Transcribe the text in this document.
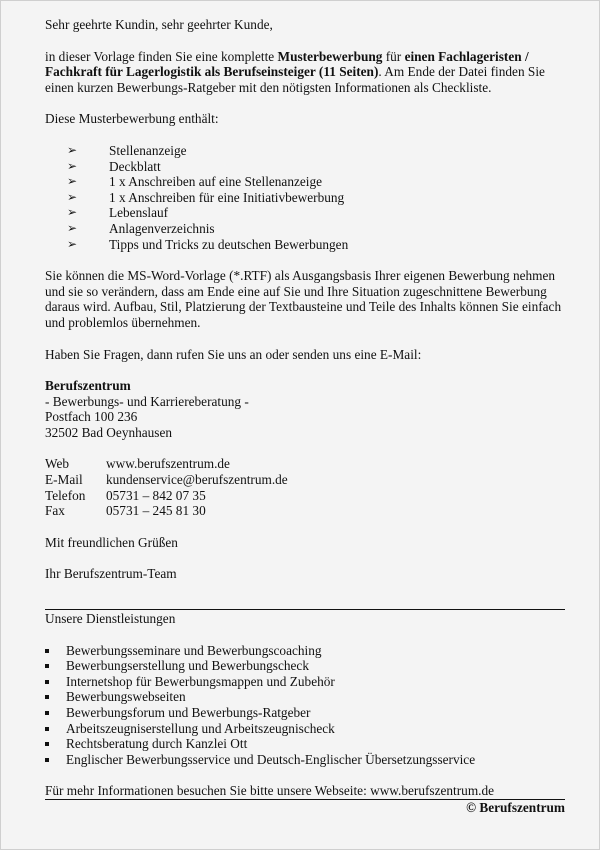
Sehr geehrte Kundin, sehr geehrter Kunde,

in dieser Vorlage finden Sie eine komplette Musterbewerbung für einen Fachlageristen / Fachkraft für Lagerlogistik als Berufseinsteiger (11 Seiten). Am Ende der Datei finden Sie einen kurzen Bewerbungs-Ratgeber mit den nötigsten Informationen als Checkliste.

Diese Musterbewerbung enthält:

➢ Stellenanzeige
➢ Deckblatt
➢ 1 x Anschreiben auf eine Stellenanzeige
➢ 1 x Anschreiben für eine Initiativbewerbung
➢ Lebenslauf
➢ Anlagenverzeichnis
➢ Tipps und Tricks zu deutschen Bewerbungen

Sie können die MS-Word-Vorlage (*.RTF) als Ausgangsbasis Ihrer eigenen Bewerbung nehmen und sie so verändern, dass am Ende eine auf Sie und Ihre Situation zugeschnittene Bewerbung daraus wird. Aufbau, Stil, Platzierung der Textbausteine und Teile des Inhalts können Sie einfach und problemlos übernehmen.

Haben Sie Fragen, dann rufen Sie uns an oder senden uns eine E-Mail:

Berufszentrum

- Bewerbungs- und Karriereberatung -

Postfach 100 236

32502 Bad Oeynhausen

Web	www.berufszentrum.de
E-Mail	kundenservice@berufszentrum.de
Telefon	05731 – 842 07 35
Fax	05731 – 245 81 30

Mit freundlichen Grüßen

Ihr Berufszentrum-Team

Unsere Dienstleistungen

Bewerbungsseminare und Bewerbungscoaching
Bewerbungserstellung und Bewerbungscheck
Internetshop für Bewerbungsmappen und Zubehör
Bewerbungswebseiten
Bewerbungsforum und Bewerbungs-Ratgeber
Arbeitszeugniserstellung und Arbeitszeugnischeck
Rechtsberatung durch Kanzlei Ott
Englischer Bewerbungsservice und Deutsch-Englischer Übersetzungsservice

Für mehr Informationen besuchen Sie bitte unsere Webseite: www.berufszentrum.de

© Berufszentrum
